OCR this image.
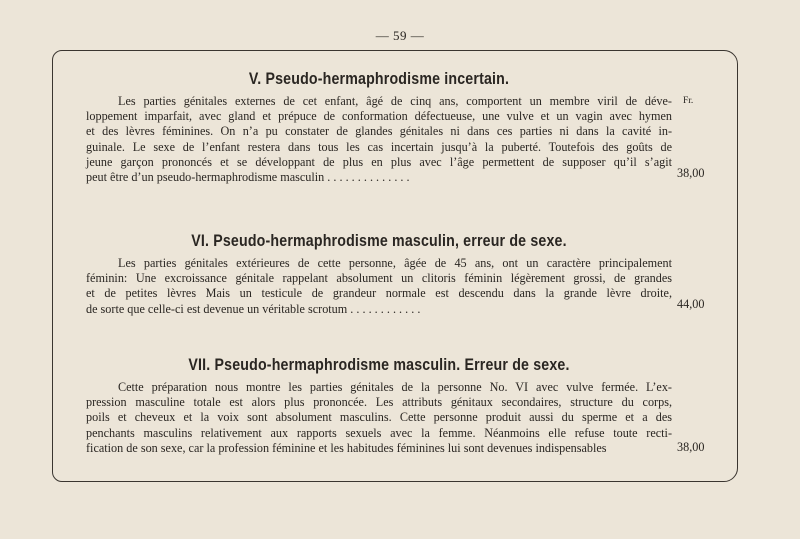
— 59 —
Fr.
V. Pseudo-hermaphrodisme incertain.
Les parties génitales externes de cet enfant, âgé de cinq ans, comportent un membre viril de déve-
loppement imparfait, avec gland et prépuce de conformation défectueuse, une vulve et un vagin avec hymen
et des lèvres féminines. On n’a pu constater de glandes génitales ni dans ces parties ni dans la cavité in-
guinale. Le sexe de l’enfant restera dans tous les cas incertain jusqu’à la puberté. Toutefois des goûts de
jeune garçon prononcés et se développant de plus en plus avec l’âge permettent de supposer qu’il s’agit
peut être d’un pseudo-hermaphrodisme masculin . . . . . . . . . . . . . .	38,00
VI. Pseudo-hermaphrodisme masculin, erreur de sexe.
Les parties génitales extérieures de cette personne, âgée de 45 ans, ont un caractère principalement
féminin: Une excroissance génitale rappelant absolument un clitoris féminin légèrement grossi, de grandes
et de petites lèvres Mais un testicule de grandeur normale est descendu dans la grande lèvre droite,
de sorte que celle-ci est devenue un véritable scrotum . . . . . . . . . . . .	44,00
VII. Pseudo-hermaphrodisme masculin. Erreur de sexe.
Cette préparation nous montre les parties génitales de la personne No. VI avec vulve fermée. L’ex-
pression masculine totale est alors plus prononcée. Les attributs génitaux secondaires, structure du corps,
poils et cheveux et la voix sont absolument masculins. Cette personne produit aussi du sperme et a des
penchants masculins relativement aux rapports sexuels avec la femme. Néanmoins elle refuse toute recti-
fication de son sexe, car la profession féminine et les habitudes féminines lui sont devenues indispensables	38,00
